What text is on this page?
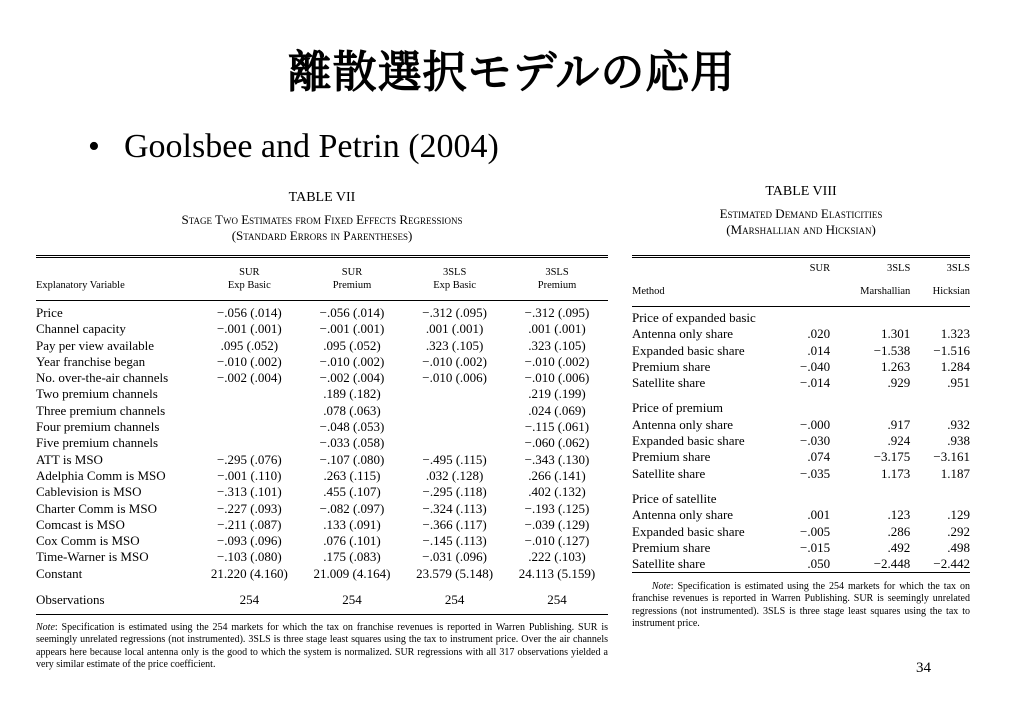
離散選択モデルの応用
• Goolsbee and Petrin (2004)
TABLE VII
Stage Two Estimates from Fixed Effects Regressions
(Standard Errors in Parentheses)
	SUR	SUR	3SLS	3SLS
Explanatory Variable	Exp Basic	Premium	Exp Basic	Premium
Price	−.056 (.014)	−.056 (.014)	−.312 (.095)	−.312 (.095)
Channel capacity	−.001 (.001)	−.001 (.001)	.001 (.001)	.001 (.001)
Pay per view available	.095 (.052)	.095 (.052)	.323 (.105)	.323 (.105)
Year franchise began	−.010 (.002)	−.010 (.002)	−.010 (.002)	−.010 (.002)
No. over-the-air channels	−.002 (.004)	−.002 (.004)	−.010 (.006)	−.010 (.006)
Two premium channels		.189 (.182)		.219 (.199)
Three premium channels		.078 (.063)		.024 (.069)
Four premium channels		−.048 (.053)		−.115 (.061)
Five premium channels		−.033 (.058)		−.060 (.062)
ATT is MSO	−.295 (.076)	−.107 (.080)	−.495 (.115)	−.343 (.130)
Adelphia Comm is MSO	−.001 (.110)	.263 (.115)	.032 (.128)	.266 (.141)
Cablevision is MSO	−.313 (.101)	.455 (.107)	−.295 (.118)	.402 (.132)
Charter Comm is MSO	−.227 (.093)	−.082 (.097)	−.324 (.113)	−.193 (.125)
Comcast is MSO	−.211 (.087)	.133 (.091)	−.366 (.117)	−.039 (.129)
Cox Comm is MSO	−.093 (.096)	.076 (.101)	−.145 (.113)	−.010 (.127)
Time-Warner is MSO	−.103 (.080)	.175 (.083)	−.031 (.096)	.222 (.103)
Constant	21.220 (4.160)	21.009 (4.164)	23.579 (5.148)	24.113 (5.159)
Observations	254	254	254	254

Note: Specification is estimated using the 254 markets for which the tax on franchise revenues is reported in Warren Publishing. SUR is seemingly unrelated regressions (not instrumented). 3SLS is three stage least squares using the tax to instrument price. Over the air channels appears here because local antenna only is the good to which the system is normalized. SUR regressions with all 317 observations yielded a very similar estimate of the price coefficient.
TABLE VIII
Estimated Demand Elasticities
(Marshallian and Hicksian)
	SUR	3SLS	3SLS
Method		Marshallian	Hicksian
Price of expanded basic			
Antenna only share	.020	1.301	1.323
Expanded basic share	.014	−1.538	−1.516
Premium share	−.040	1.263	1.284
Satellite share	−.014	.929	.951

Price of premium			
Antenna only share	−.000	.917	.932
Expanded basic share	−.030	.924	.938
Premium share	.074	−3.175	−3.161
Satellite share	−.035	1.173	1.187

Price of satellite			
Antenna only share	.001	.123	.129
Expanded basic share	−.005	.286	.292
Premium share	−.015	.492	.498
Satellite share	.050	−2.448	−2.442

Note: Specification is estimated using the 254 markets for which the tax on franchise revenues is reported in Warren Publishing. SUR is seemingly unrelated regressions (not instrumented). 3SLS is three stage least squares using the tax to instrument price.
34
